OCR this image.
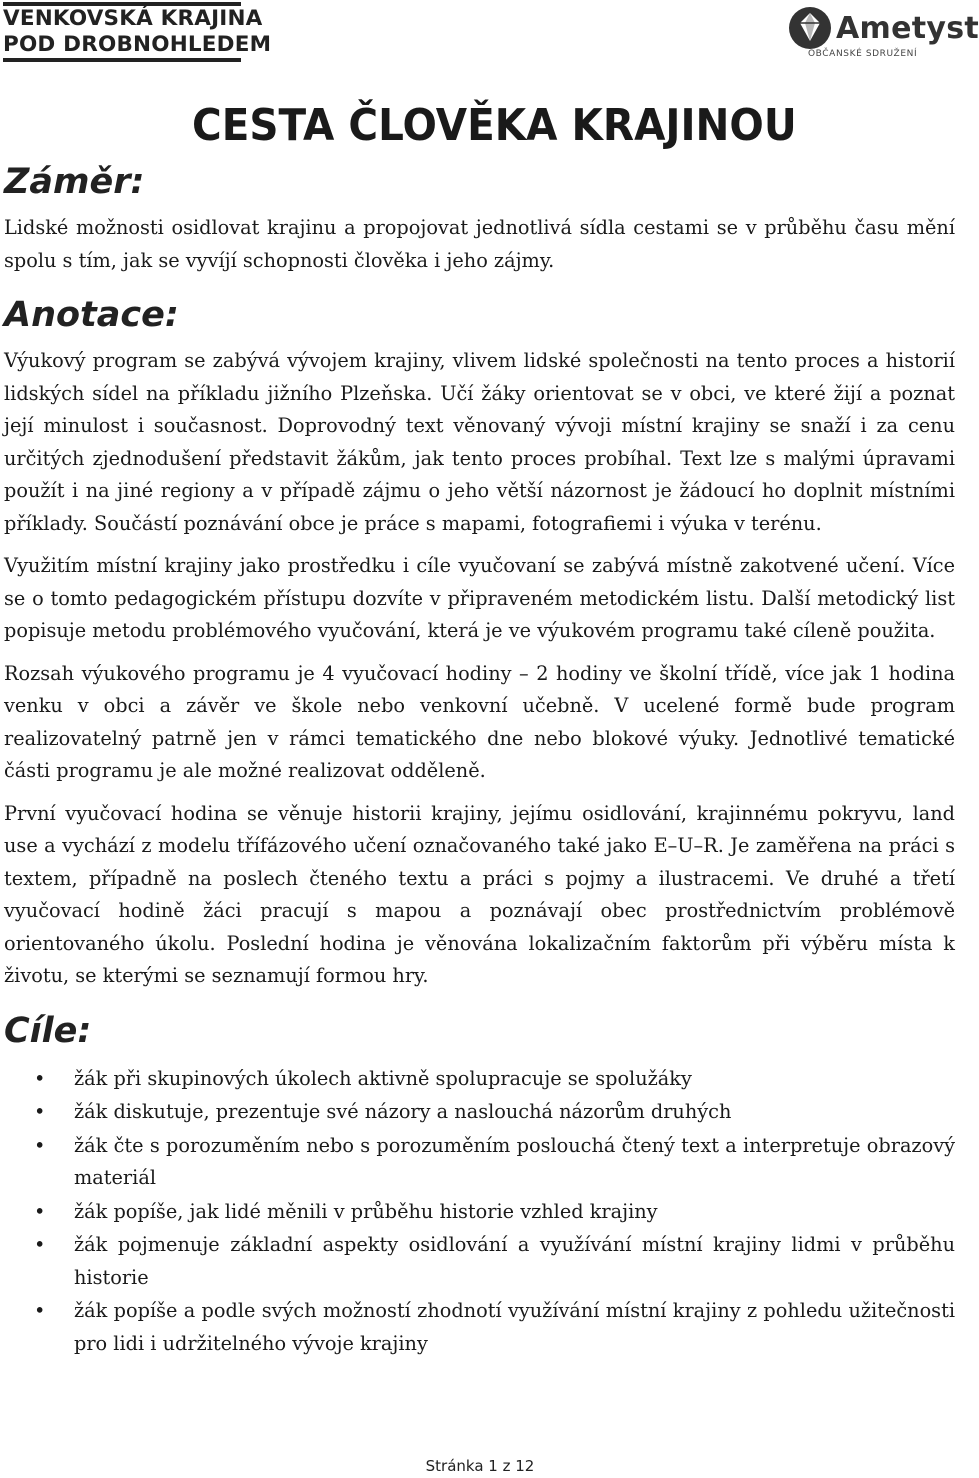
VENKOVSKÁ KRAJINA
POD DROBNOHLEDEM	Ametyst
OBČANSKÉ SDRUŽENÍ
CESTA ČLOVĚKA KRAJINOU
Záměr:

Lidské možnosti osidlovat krajinu a propojovat jednotlivá sídla cestami se v průběhu času mění spolu s tím, jak se vyvíjí schopnosti člověka i jeho zájmy.

Anotace:

Výukový program se zabývá vývojem krajiny, vlivem lidské společnosti na tento proces a historií lidských sídel na příkladu jižního Plzeňska. Učí žáky orientovat se v obci, ve které žijí a poznat její minulost i současnost. Doprovodný text věnovaný vývoji místní krajiny se snaží i za cenu určitých zjednodušení představit žákům, jak tento proces probíhal. Text lze s malými úpravami použít i na jiné regiony a v případě zájmu o jeho větší názornost je žádoucí ho doplnit místními příklady. Součástí poznávání obce je práce s mapami, fotografiemi i výuka v terénu.

Využitím místní krajiny jako prostředku i cíle vyučovaní se zabývá místně zakotvené učení. Více se o tomto pedagogickém přístupu dozvíte v připraveném metodickém listu. Další metodický list popisuje metodu problémového vyučování, která je ve výukovém programu také cíleně použita.

Rozsah výukového programu je 4 vyučovací hodiny – 2 hodiny ve školní třídě, více jak 1 hodina venku v obci a závěr ve škole nebo venkovní učebně. V ucelené formě bude program realizovatelný patrně jen v rámci tematického dne nebo blokové výuky. Jednotlivé tematické části programu je ale možné realizovat odděleně.

První vyučovací hodina se věnuje historii krajiny, jejímu osidlování, krajinnému pokryvu, land use a vychází z modelu třífázového učení označovaného také jako E–U–R. Je zaměřena na práci s textem, případně na poslech čteného textu a práci s pojmy a ilustracemi. Ve druhé a třetí vyučovací hodině žáci pracují s mapou a poznávají obec prostřednictvím problémově orientovaného úkolu. Poslední hodina je věnována lokalizačním faktorům při výběru místa k životu, se kterými se seznamují formou hry.

Cíle:
• žák při skupinových úkolech aktivně spolupracuje se spolužáky
• žák diskutuje, prezentuje své názory a naslouchá názorům druhých
• žák čte s porozuměním nebo s porozuměním poslouchá čtený text a interpretuje obrazový materiál
• žák popíše, jak lidé měnili v průběhu historie vzhled krajiny
• žák pojmenuje základní aspekty osidlování a využívání místní krajiny lidmi v průběhu historie
• žák popíše a podle svých možností zhodnotí využívání místní krajiny z pohledu užitečnosti pro lidi i udržitelného vývoje krajiny
Stránka 1 z 12
